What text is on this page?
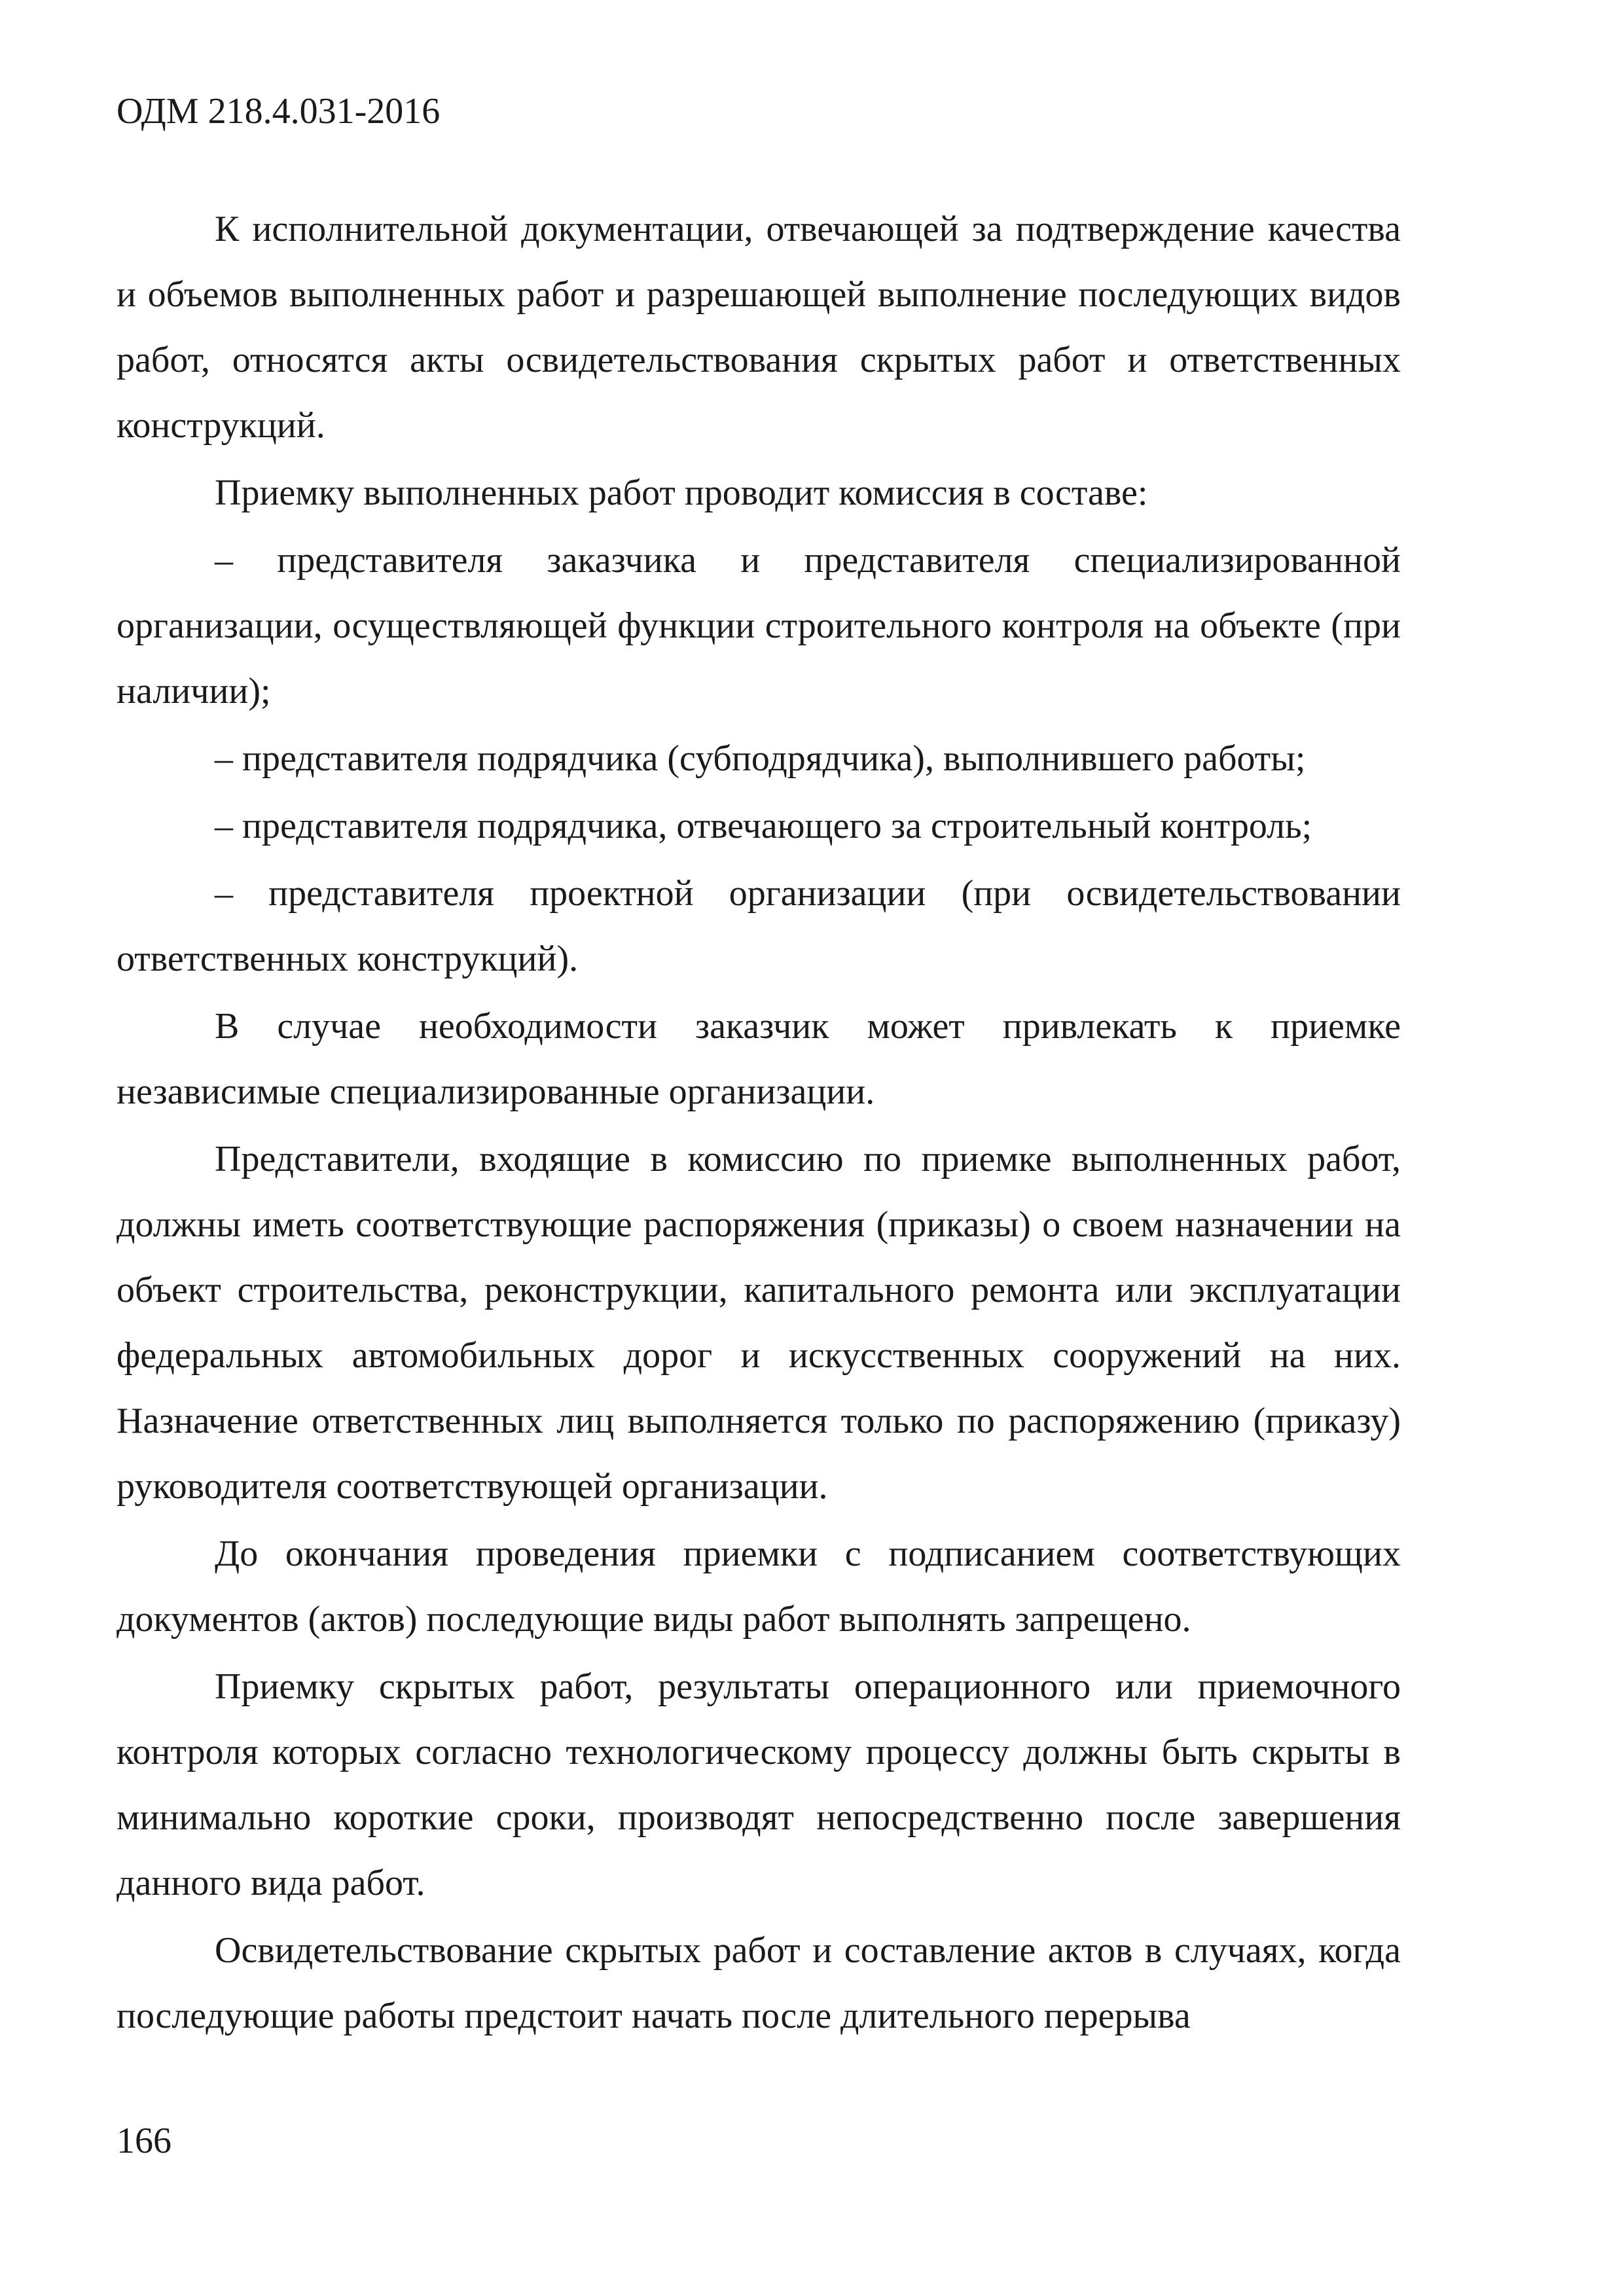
ОДМ 218.4.031-2016

К исполнительной документации, отвечающей за подтверждение качества и объемов выполненных работ и разрешающей выполнение последующих видов работ, относятся акты освидетельствования скрытых работ и ответственных конструкций.

Приемку выполненных работ проводит комиссия в составе:

– представителя заказчика и представителя специализированной организации, осуществляющей функции строительного контроля на объекте (при наличии);

– представителя подрядчика (субподрядчика), выполнившего работы;

– представителя подрядчика, отвечающего за строительный контроль;

– представителя проектной организации (при освидетельствовании ответственных конструкций).

В случае необходимости заказчик может привлекать к приемке независимые специализированные организации.

Представители, входящие в комиссию по приемке выполненных работ, должны иметь соответствующие распоряжения (приказы) о своем назначении на объект строительства, реконструкции, капитального ремонта или эксплуатации федеральных автомобильных дорог и искусственных сооружений на них. Назначение ответственных лиц выполняется только по распоряжению (приказу) руководителя соответствующей организации.

До окончания проведения приемки с подписанием соответствующих документов (актов) последующие виды работ выполнять запрещено.

Приемку скрытых работ, результаты операционного или приемочного контроля которых согласно технологическому процессу должны быть скрыты в минимально короткие сроки, производят непосредственно после завершения данного вида работ.

Освидетельствование скрытых работ и составление актов в случаях, когда последующие работы предстоит начать после длительного перерыва

166
